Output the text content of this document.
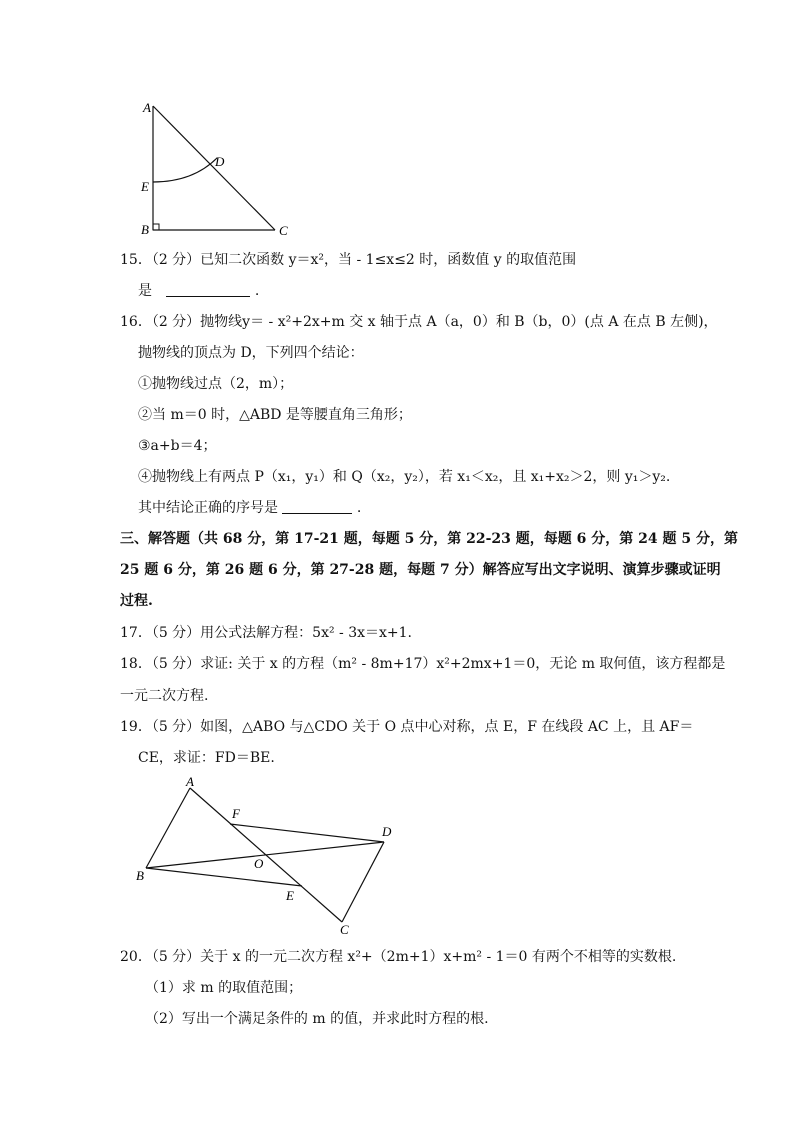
A
B	C
D
E
15．（2 分）已知二次函数 y＝x²，当 ‐ 1≤x≤2 时，函数值 y 的取值范围
是	.
16．（2 分）抛物线y＝ ‐ x²+2x+m 交 x 轴于点 A（a，0）和 B（b，0）(点 A 在点 B 左侧)，
抛物线的顶点为 D，下列四个结论：
①抛物线过点（2，m）；
②当 m＝0 时，△ABD 是等腰直角三角形；
③a+b＝4；
④抛物线上有两点 P（x₁，y₁）和 Q（x₂，y₂），若 x₁＜x₂，且 x₁+x₂＞2，则 y₁＞y₂.
其中结论正确的序号是	.
三、解答题（共 68 分，第 17-21 题，每题 5 分，第 22-23 题，每题 6 分，第 24 题 5 分，第
25 题 6 分，第 26 题 6 分，第 27-28 题，每题 7 分）解答应写出文字说明、演算步骤或证明
过程.
17．（5 分）用公式法解方程：5x² ‐ 3x＝x+1.
18．（5 分）求证: 关于 x 的方程（m² ‐ 8m+17）x²+2mx+1＝0，无论 m 取何值，该方程都是
一元二次方程.
19．（5 分）如图，△ABO 与△CDO 关于 O 点中心对称，点 E，F 在线段 AC 上，且 AF＝
CE，求证：FD＝BE.
A
B
C
D
E
F
O
20．（5 分）关于 x 的一元二次方程 x²+（2m+1）x+m² ‐ 1＝0 有两个不相等的实数根.
（1）求 m 的取值范围；
（2）写出一个满足条件的 m 的值，并求此时方程的根.
